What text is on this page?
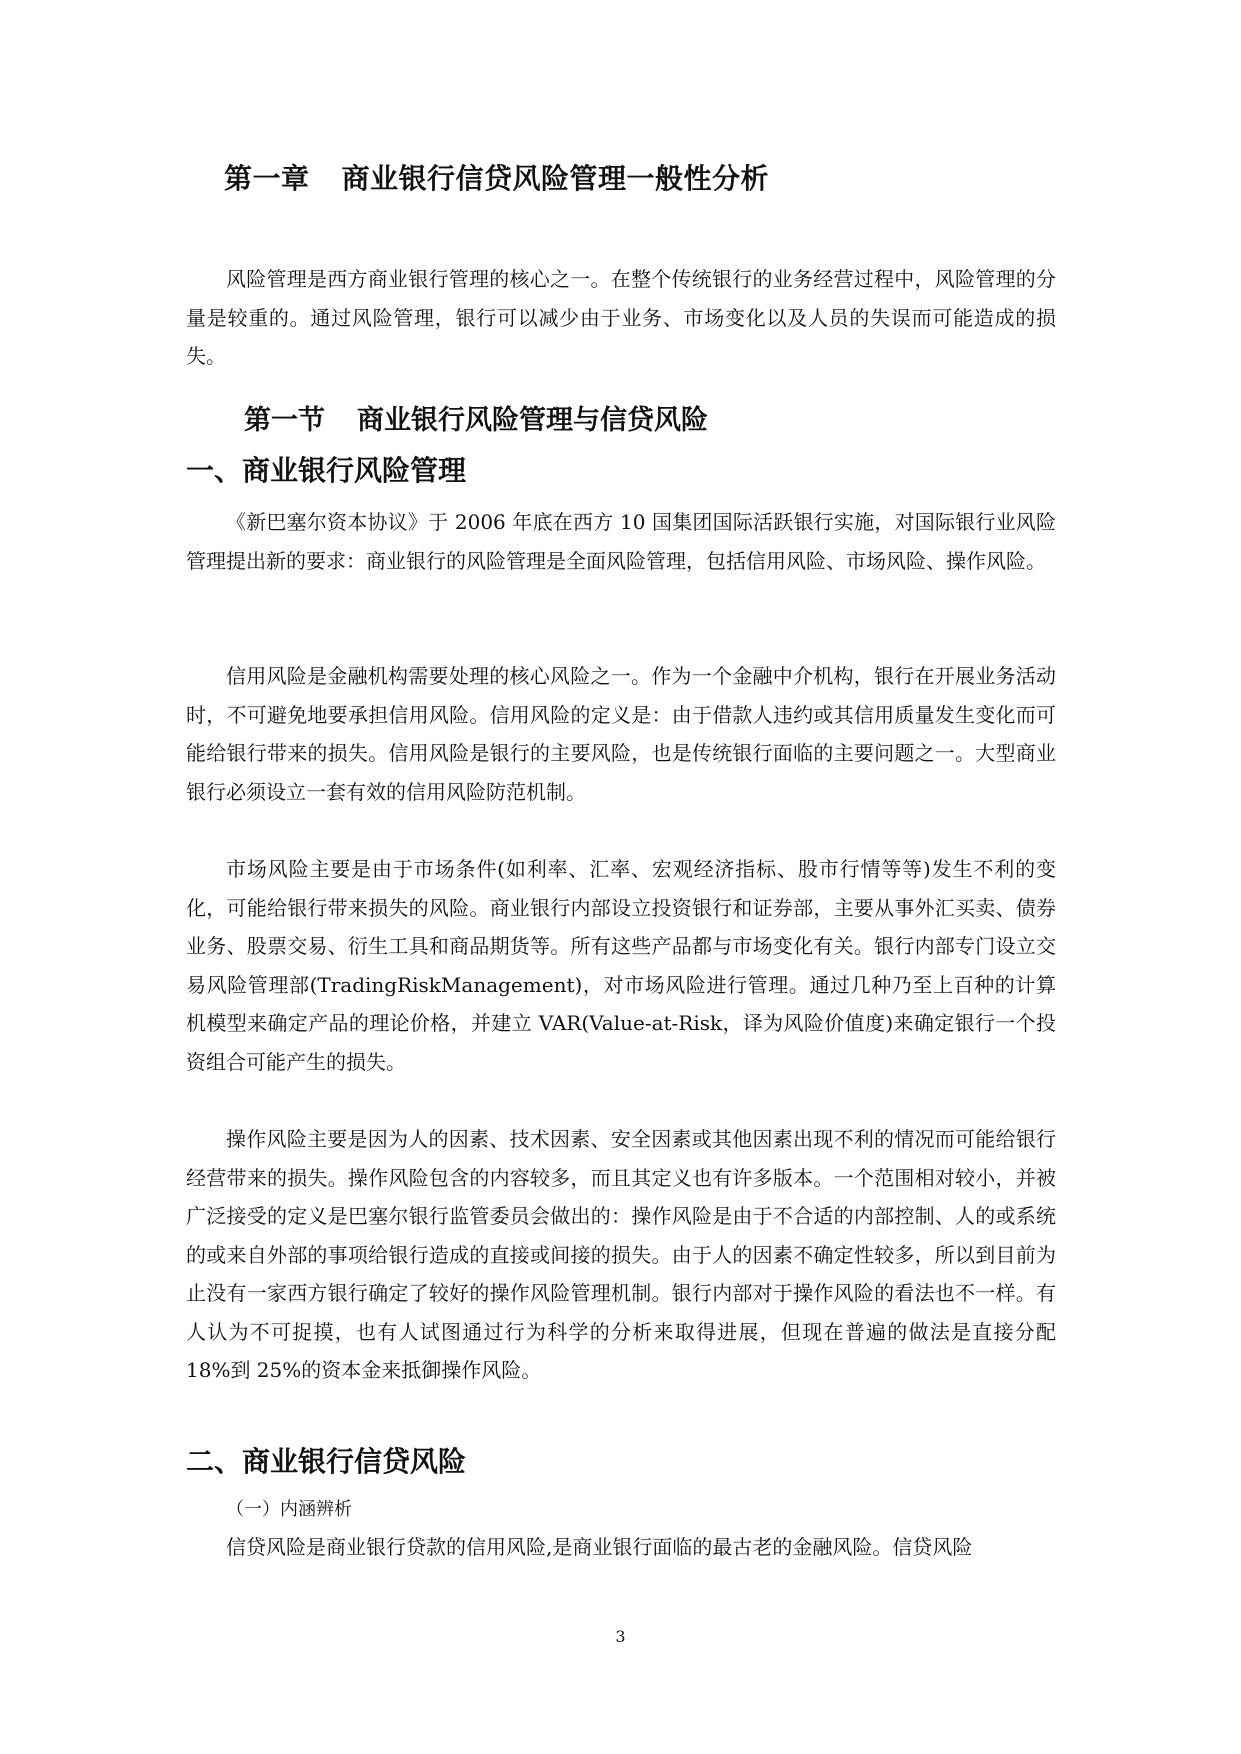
第一章 商业银行信贷风险管理一般性分析

风险管理是西方商业银行管理的核心之一。在整个传统银行的业务经营过程中，风险管理的分量是较重的。通过风险管理，银行可以减少由于业务、市场变化以及人员的失误而可能造成的损失。

第一节 商业银行风险管理与信贷风险
一、商业银行风险管理

《新巴塞尔资本协议》于 2006 年底在西方 10 国集团国际活跃银行实施，对国际银行业风险管理提出新的要求：商业银行的风险管理是全面风险管理，包括信用风险、市场风险、操作风险。

信用风险是金融机构需要处理的核心风险之一。作为一个金融中介机构，银行在开展业务活动时，不可避免地要承担信用风险。信用风险的定义是：由于借款人违约或其信用质量发生变化而可能给银行带来的损失。信用风险是银行的主要风险，也是传统银行面临的主要问题之一。大型商业银行必须设立一套有效的信用风险防范机制。

市场风险主要是由于市场条件(如利率、汇率、宏观经济指标、股市行情等等)发生不利的变化，可能给银行带来损失的风险。商业银行内部设立投资银行和证券部，主要从事外汇买卖、债券业务、股票交易、衍生工具和商品期货等。所有这些产品都与市场变化有关。银行内部专门设立交易风险管理部(TradingRiskManagement)，对市场风险进行管理。通过几种乃至上百种的计算机模型来确定产品的理论价格，并建立 VAR(Value-at-Risk，译为风险价值度)来确定银行一个投资组合可能产生的损失。

操作风险主要是因为人的因素、技术因素、安全因素或其他因素出现不利的情况而可能给银行经营带来的损失。操作风险包含的内容较多，而且其定义也有许多版本。一个范围相对较小，并被广泛接受的定义是巴塞尔银行监管委员会做出的：操作风险是由于不合适的内部控制、人的或系统的或来自外部的事项给银行造成的直接或间接的损失。由于人的因素不确定性较多，所以到目前为止没有一家西方银行确定了较好的操作风险管理机制。银行内部对于操作风险的看法也不一样。有人认为不可捉摸，也有人试图通过行为科学的分析来取得进展，但现在普遍的做法是直接分配 18%到 25%的资本金来抵御操作风险。

二、商业银行信贷风险
（一）内涵辨析

信贷风险是商业银行贷款的信用风险,是商业银行面临的最古老的金融风险。信贷风险

3
